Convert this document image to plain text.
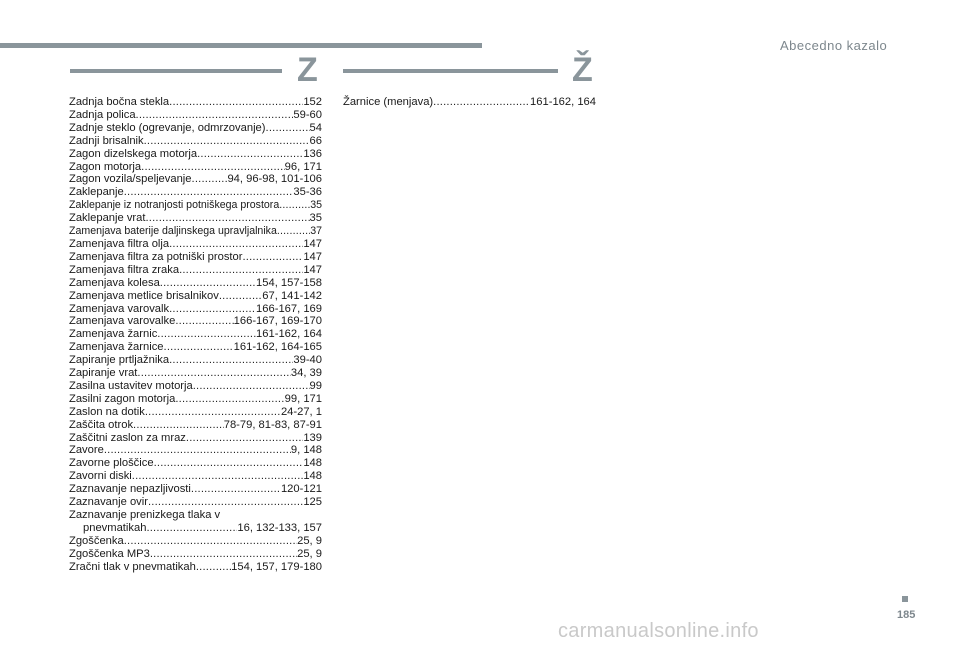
Abecedno kazalo
Z	Ž
Zadnja bočna stekla .....	152
Zadnja polica .....	59-60
Zadnje steklo (ogrevanje, odmrzovanje) .....	54
Zadnji brisalnik .....	66
Zagon dizelskega motorja .....	136
Zagon motorja .....	96, 171
Zagon vozila/speljevanje .....	94, 96-98, 101-106
Zaklepanje .....	35-36
Zaklepanje iz notranjosti potniškega prostora .....	35
Zaklepanje vrat .....	35
Zamenjava baterije daljinskega upravljalnika .....	37
Zamenjava filtra olja .....	147
Zamenjava filtra za potniški prostor .....	147
Zamenjava filtra zraka .....	147
Zamenjava kolesa .....	154, 157-158
Zamenjava metlice brisalnikov .....	67, 141-142
Zamenjava varovalk .....	166-167, 169
Zamenjava varovalke .....	166-167, 169-170
Zamenjava žarnic .....	161-162, 164
Zamenjava žarnice .....	161-162, 164-165
Zapiranje prtljažnika .....	39-40
Zapiranje vrat .....	34, 39
Zasilna ustavitev motorja .....	99
Zasilni zagon motorja .....	99, 171
Zaslon na dotik .....	24-27, 1
Zaščita otrok .....	78-79, 81-83, 87-91
Zaščitni zaslon za mraz .....	139
Zavore .....	9, 148
Zavorne ploščice .....	148
Zavorni diski .....	148
Zaznavanje nepazljivosti .....	120-121
Zaznavanje ovir .....	125
Zaznavanje prenizkega tlaka v
pnevmatikah .....	16, 132-133, 157
Zgoščenka .....	25, 9
Zgoščenka MP3 .....	25, 9
Zračni tlak v pnevmatikah .....	154, 157, 179-180
Žarnice (menjava) .....	161-162, 164
185
carmanualsonline.info
